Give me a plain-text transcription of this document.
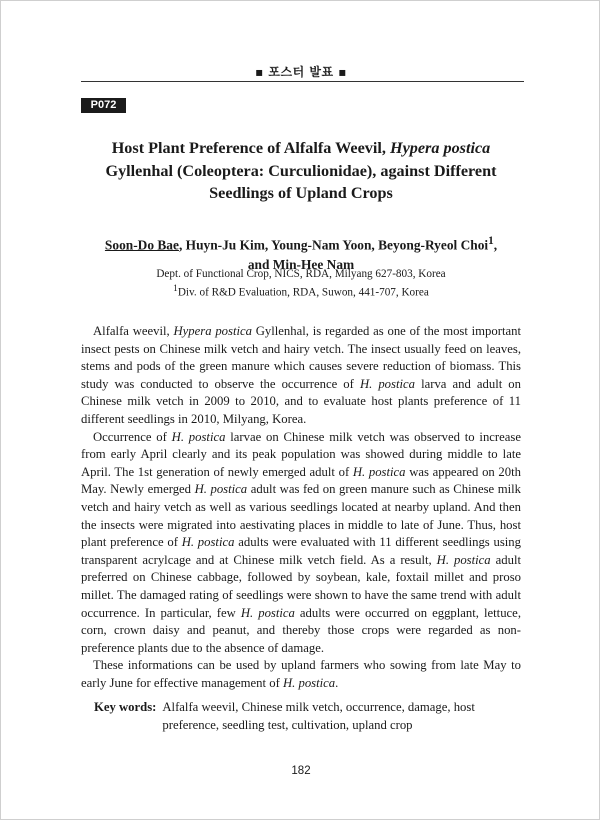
▪ 포스터 발표 ▪
P072
Host Plant Preference of Alfalfa Weevil, Hypera postica
Gyllenhal (Coleoptera: Curculionidae), against Different
Seedlings of Upland Crops
Soon-Do Bae, Huyn-Ju Kim, Young-Nam Yoon, Beyong-Ryeol Choi$^1$,
and Min-Hee Nam
Dept. of Functional Crop, NICS, RDA, Milyang 627-803, Korea
$^1$Div. of R&D Evaluation, RDA, Suwon, 441-707, Korea

Alfalfa weevil, Hypera postica Gyllenhal, is regarded as one of the most important insect pests on Chinese milk vetch and hairy vetch. The insect usually feed on leaves, stems and pods of the green manure which causes severe reduction of biomass. This study was conducted to observe the occurrence of H. postica larva and adult on Chinese milk vetch in 2009 to 2010, and to evaluate host plants preference of 11 different seedlings in 2010, Milyang, Korea.

Occurrence of H. postica larvae on Chinese milk vetch was observed to increase from early April clearly and its peak population was showed during middle to late April. The 1st generation of newly emerged adult of H. postica was appeared on 20th May. Newly emerged H. postica adult was fed on green manure such as Chinese milk vetch and hairy vetch as well as various seedlings located at nearby upland. And then the insects were migrated into aestivating places in middle to late of June. Thus, host plant preference of H. postica adults were evaluated with 11 different seedlings using transparent acrylcage and at Chinese milk vetch field. As a result, H. postica adult preferred on Chinese cabbage, followed by soybean, kale, foxtail millet and proso millet. The damaged rating of seedlings were shown to have the same trend with adult occurrence. In particular, few H. postica adults were occurred on eggplant, lettuce, corn, crown daisy and peanut, and thereby those crops were regarded as non-preference plants due to the absence of damage.

These informations can be used by upland farmers who sowing from late May to early June for effective management of H. postica.

Key words: Alfalfa weevil, Chinese milk vetch, occurrence, damage, host preference, seedling test, cultivation, upland crop
182
